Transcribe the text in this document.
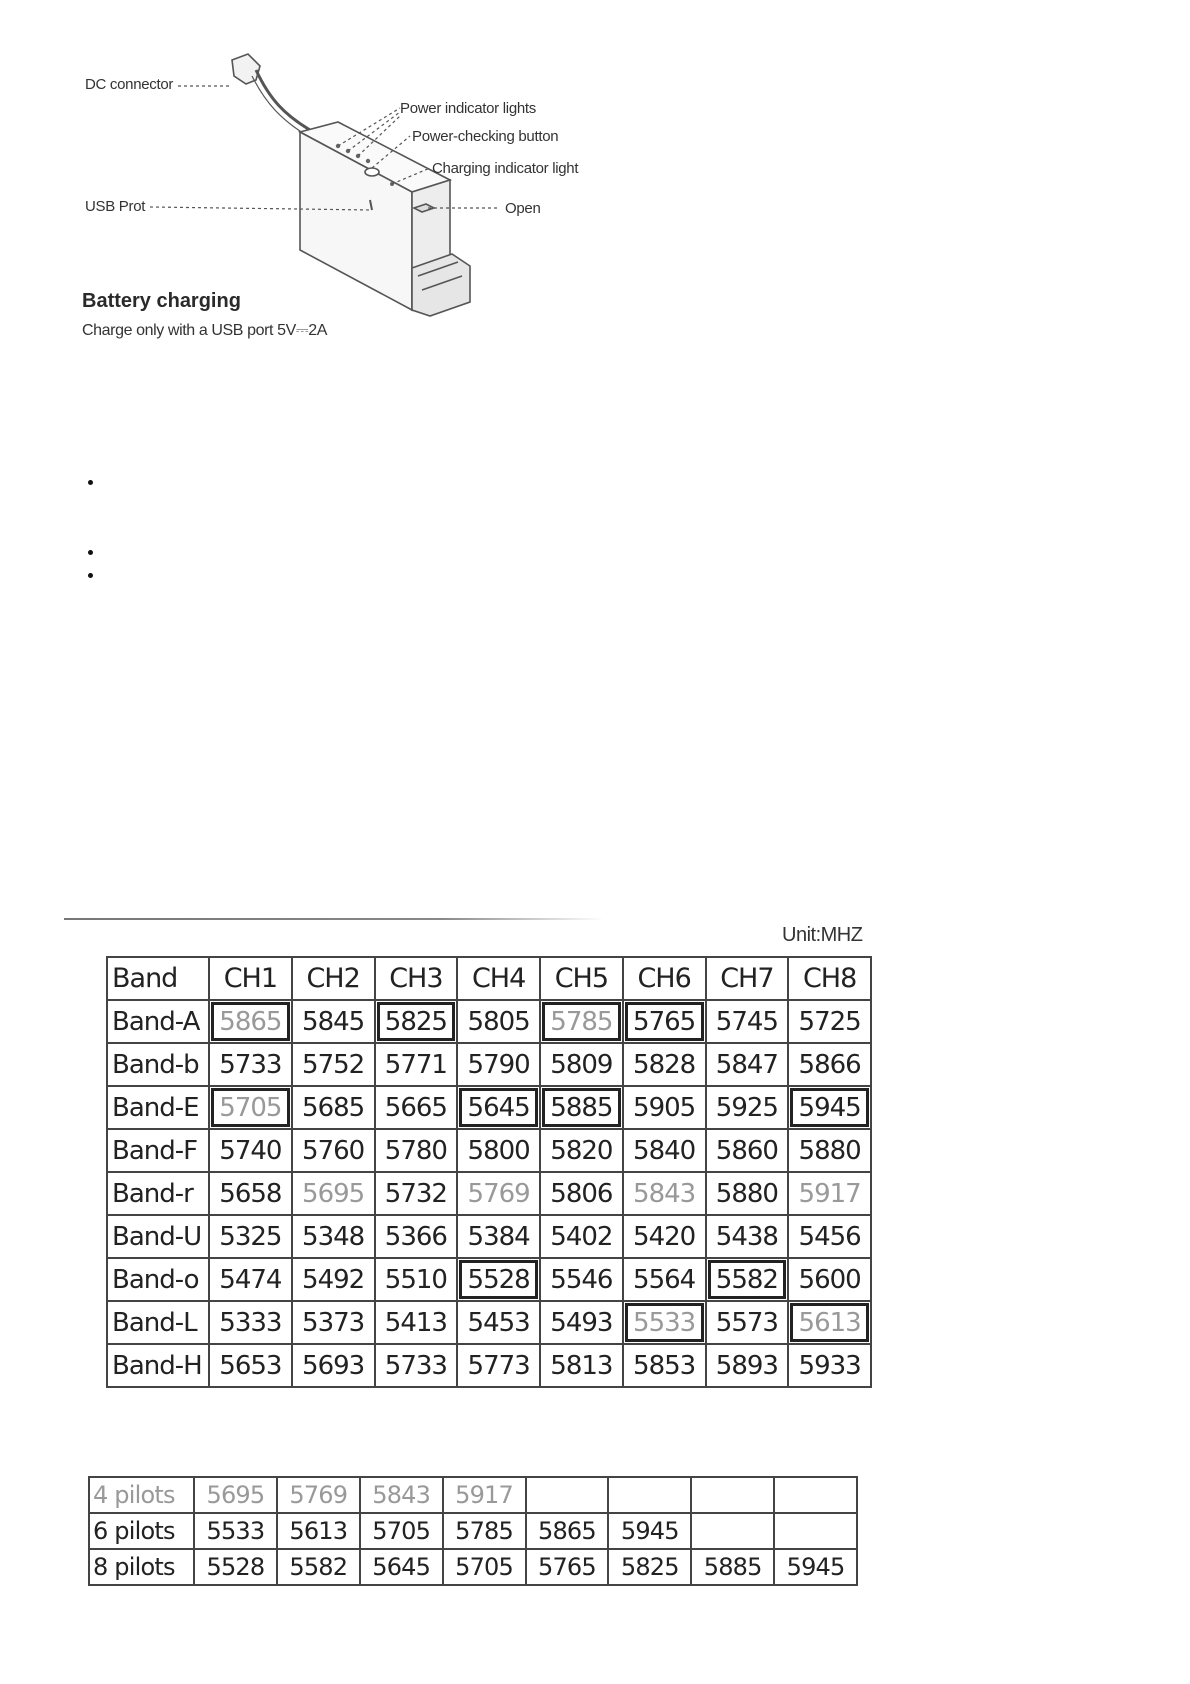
DC connector
Power indicator lights
Power-checking button
Charging indicator light
USB Prot	Open
Battery charging
Charge only with a USB port 5V⎓2A
Unit:MHZ
Band	CH1	CH2	CH3	CH4	CH5	CH6	CH7	CH8
Band-A	5865	5845	5825	5805	5785	5765	5745	5725
Band-b	5733	5752	5771	5790	5809	5828	5847	5866
Band-E	5705	5685	5665	5645	5885	5905	5925	5945
Band-F	5740	5760	5780	5800	5820	5840	5860	5880
Band-r	5658	5695	5732	5769	5806	5843	5880	5917
Band-U	5325	5348	5366	5384	5402	5420	5438	5456
Band-o	5474	5492	5510	5528	5546	5564	5582	5600
Band-L	5333	5373	5413	5453	5493	5533	5573	5613
Band-H	5653	5693	5733	5773	5813	5853	5893	5933
4 pilots	5695	5769	5843	5917				
6 pilots	5533	5613	5705	5785	5865	5945		
8 pilots	5528	5582	5645	5705	5765	5825	5885	5945
